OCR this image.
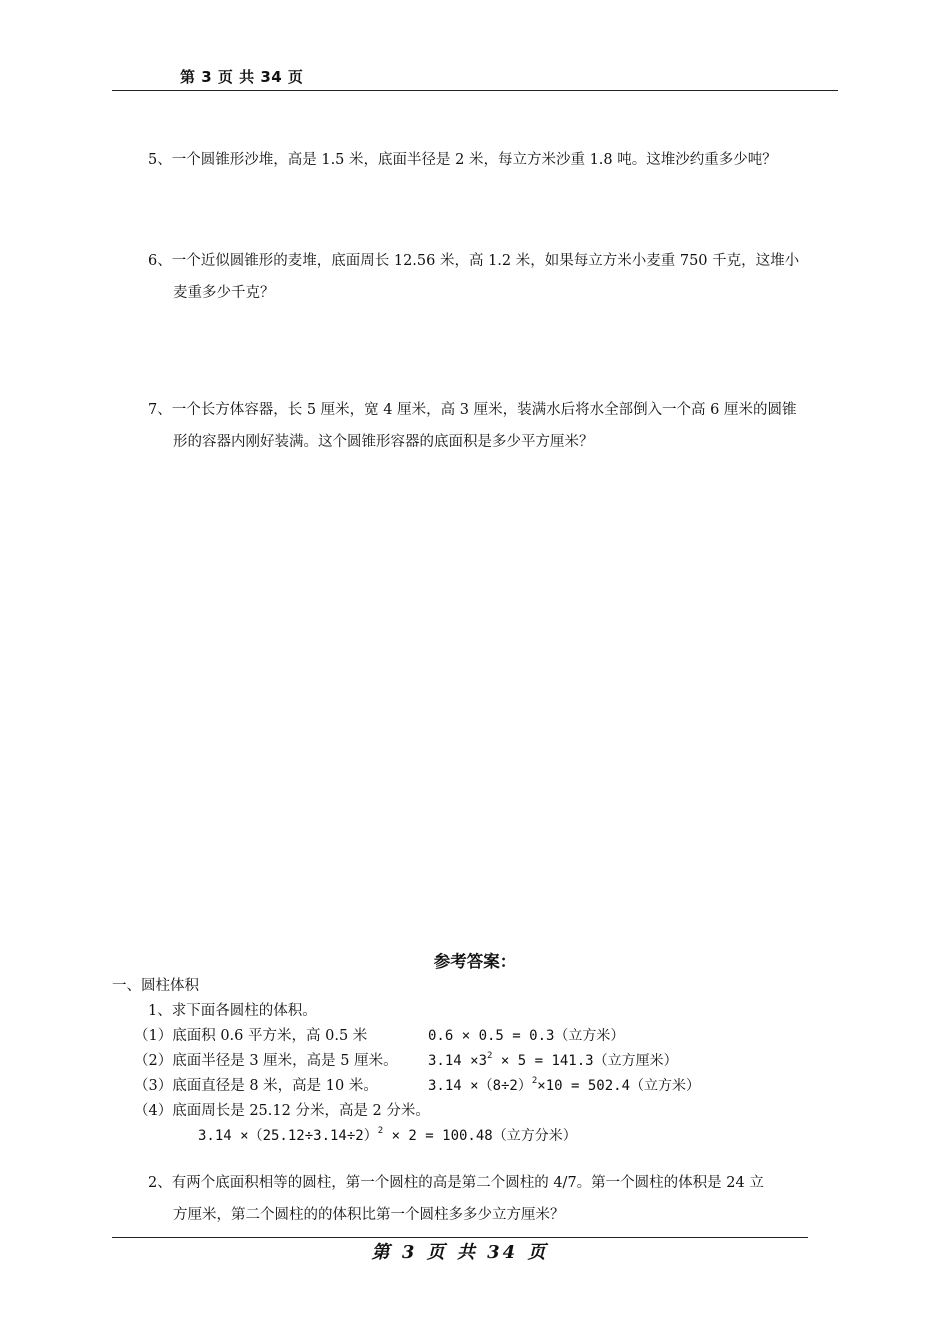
第 3 页 共 34 页
5、一个圆锥形沙堆，高是 1.5 米，底面半径是 2 米，每立方米沙重 1.8 吨。这堆沙约重多少吨？
6、一个近似圆锥形的麦堆，底面周长 12.56 米，高 1.2 米，如果每立方米小麦重 750 千克，这堆小
麦重多少千克？
7、一个长方体容器，长 5 厘米，宽 4 厘米，高 3 厘米，装满水后将水全部倒入一个高 6 厘米的圆锥
形的容器内刚好装满。这个圆锥形容器的底面积是多少平方厘米？
参考答案：
一、圆柱体积
1、求下面各圆柱的体积。
（1）底面积 0.6 平方米，高 0.5 米	0.6 × 0.5 = 0.3（立方米）
（2）底面半径是 3 厘米，高是 5 厘米。 $3.14 \times 3^2 \times 5 = 141.3$（立方厘米）
（3）底面直径是 8 米，高是 10 米。	$3.14 \times(8\div 2)^2\times 10 = 502.4$（立方米）
（4）底面周长是 25.12 分米，高是 2 分米。
$3.14 \times(25.12\div 3.14\div 2)^2 \times 2 = 100.48$（立方分米）
2、有两个底面积相等的圆柱，第一个圆柱的高是第二个圆柱的 4/7。第一个圆柱的体积是 24 立
方厘米，第二个圆柱的的体积比第一个圆柱多多少立方厘米？
第 3 页 共 34 页
